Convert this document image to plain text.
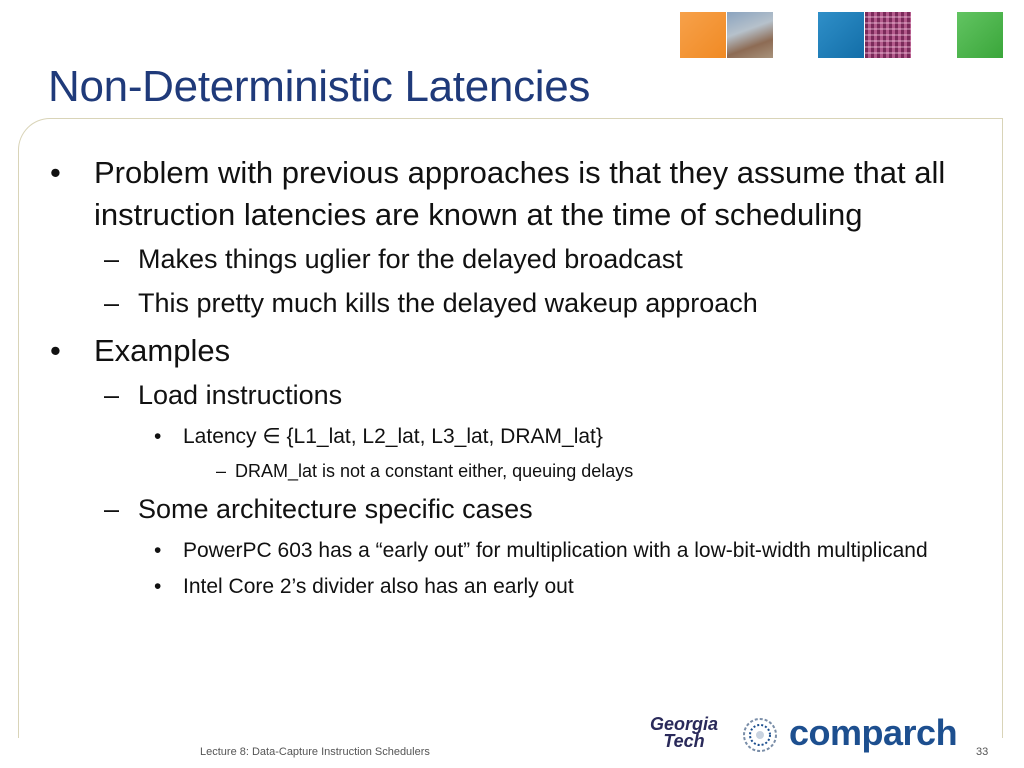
Non-Deterministic Latencies
• Problem with previous approaches is that they assume that all instruction latencies are known at the time of scheduling
– Makes things uglier for the delayed broadcast
– This pretty much kills the delayed wakeup approach
• Examples
– Load instructions
• Latency ∈ {L1_lat, L2_lat, L3_lat, DRAM_lat}
– DRAM_lat is not a constant either, queuing delays
– Some architecture specific cases
• PowerPC 603 has a “early out” for multiplication with a low-bit-width multiplicand
• Intel Core 2’s divider also has an early out
Georgia
Tech	comparch
Lecture 8: Data-Capture Instruction Schedulers	33
